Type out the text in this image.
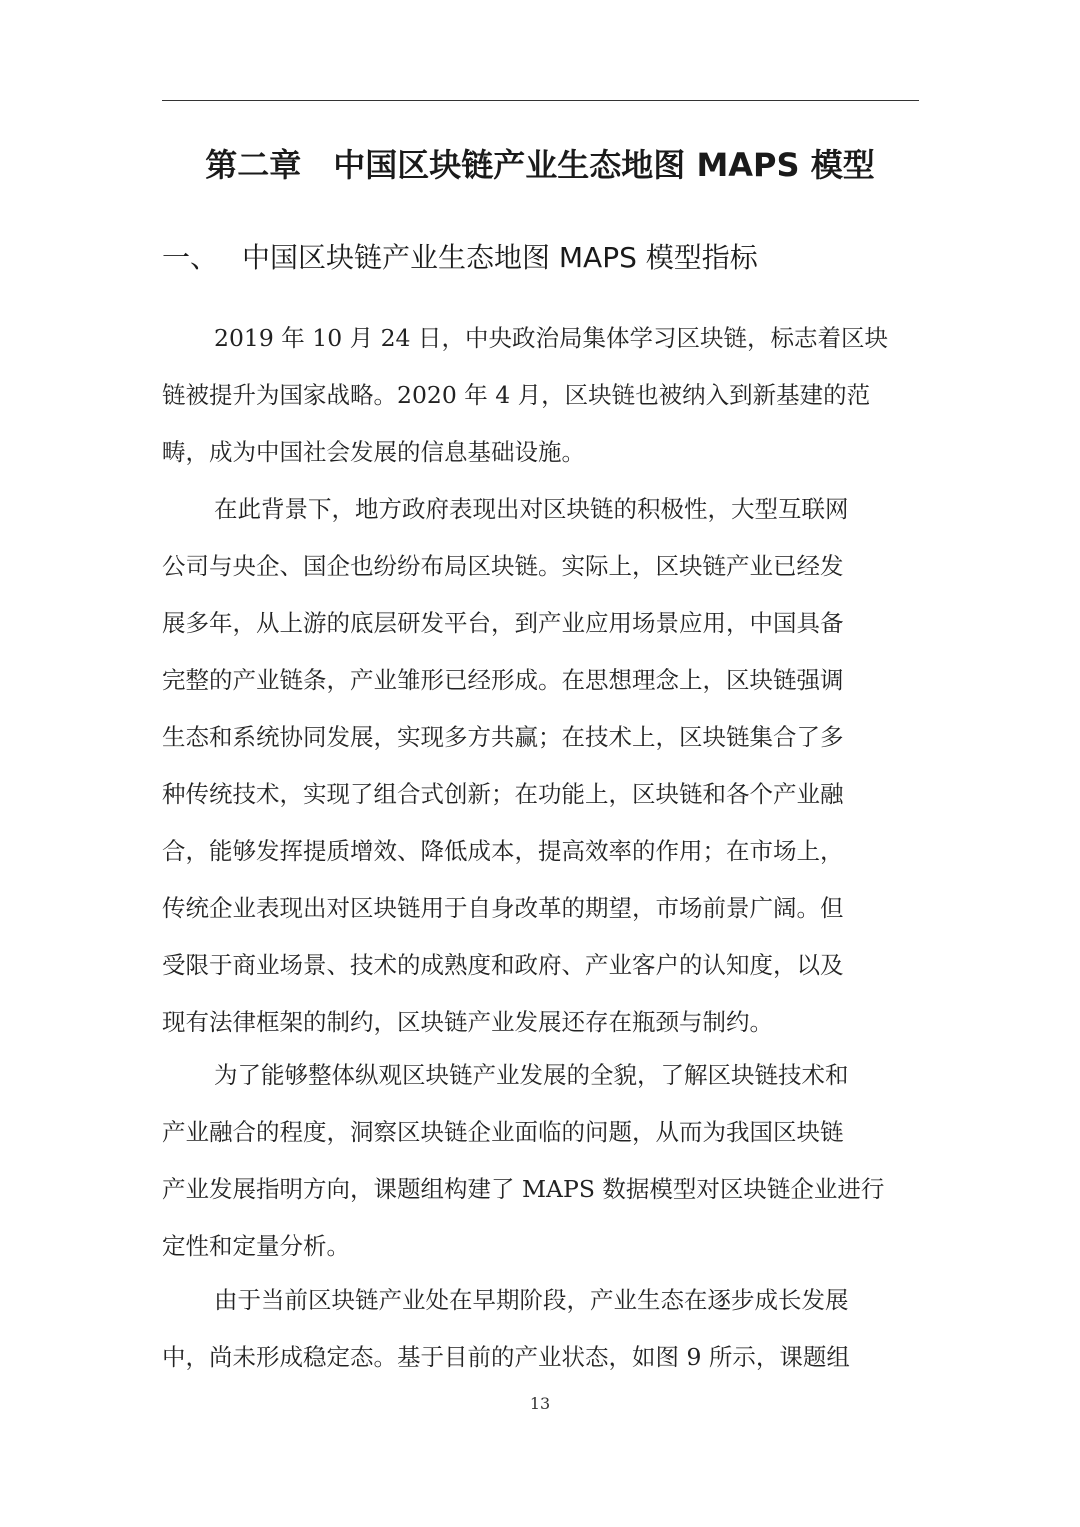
第二章　中国区块链产业生态地图 MAPS 模型
一、 中国区块链产业生态地图 MAPS 模型指标
2019 年 10 月 24 日，中央政治局集体学习区块链，标志着区块
链被提升为国家战略。2020 年 4 月，区块链也被纳入到新基建的范
畴，成为中国社会发展的信息基础设施。
在此背景下，地方政府表现出对区块链的积极性，大型互联网
公司与央企、国企也纷纷布局区块链。实际上，区块链产业已经发
展多年，从上游的底层研发平台，到产业应用场景应用，中国具备
完整的产业链条，产业雏形已经形成。在思想理念上，区块链强调
生态和系统协同发展，实现多方共赢；在技术上，区块链集合了多
种传统技术，实现了组合式创新；在功能上，区块链和各个产业融
合，能够发挥提质增效、降低成本，提高效率的作用；在市场上，
传统企业表现出对区块链用于自身改革的期望，市场前景广阔。但
受限于商业场景、技术的成熟度和政府、产业客户的认知度，以及
现有法律框架的制约，区块链产业发展还存在瓶颈与制约。
为了能够整体纵观区块链产业发展的全貌，了解区块链技术和
产业融合的程度，洞察区块链企业面临的问题，从而为我国区块链
产业发展指明方向，课题组构建了 MAPS 数据模型对区块链企业进行
定性和定量分析。
由于当前区块链产业处在早期阶段，产业生态在逐步成长发展
中，尚未形成稳定态。基于目前的产业状态，如图 9 所示，课题组
13
